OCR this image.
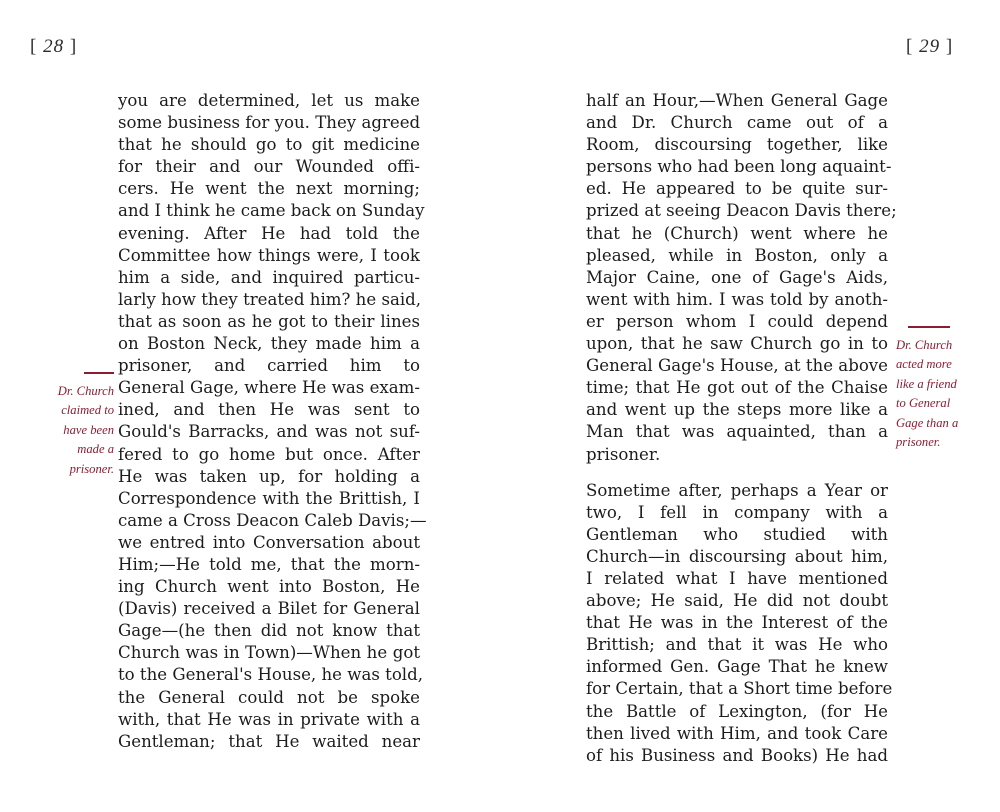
[ 28 ]	[ 29 ]
Dr. Church
claimed to
have been
made a
prisoner.
Dr. Church
acted more
like a friend
to General
Gage than a
prisoner.
you are determined, let us make
some business for you. They agreed
that he should go to git medicine
for their and our Wounded offi-
cers. He went the next morning;
and I think he came back on Sunday
evening. After He had told the
Committee how things were, I took
him a side, and inquired particu-
larly how they treated him? he said,
that as soon as he got to their lines
on Boston Neck, they made him a
prisoner, and carried him to
General Gage, where He was exam-
ined, and then He was sent to
Gould's Barracks, and was not suf-
fered to go home but once. After
He was taken up, for holding a
Correspondence with the Brittish, I
came a Cross Deacon Caleb Davis;—
we entred into Conversation about
Him;—He told me, that the morn-
ing Church went into Boston, He
(Davis) received a Bilet for General
Gage—(he then did not know that
Church was in Town)—When he got
to the General's House, he was told,
the General could not be spoke
with, that He was in private with a
Gentleman; that He waited near
half an Hour,—When General Gage
and Dr. Church came out of a
Room, discoursing together, like
persons who had been long aquaint-
ed. He appeared to be quite sur-
prized at seeing Deacon Davis there;
that he (Church) went where he
pleased, while in Boston, only a
Major Caine, one of Gage's Aids,
went with him. I was told by anoth-
er person whom I could depend
upon, that he saw Church go in to
General Gage's House, at the above
time; that He got out of the Chaise
and went up the steps more like a
Man that was aquainted, than a
prisoner.
Sometime after, perhaps a Year or
two, I fell in company with a
Gentleman who studied with
Church—in discoursing about him,
I related what I have mentioned
above; He said, He did not doubt
that He was in the Interest of the
Brittish; and that it was He who
informed Gen. Gage That he knew
for Certain, that a Short time before
the Battle of Lexington, (for He
then lived with Him, and took Care
of his Business and Books) He had
